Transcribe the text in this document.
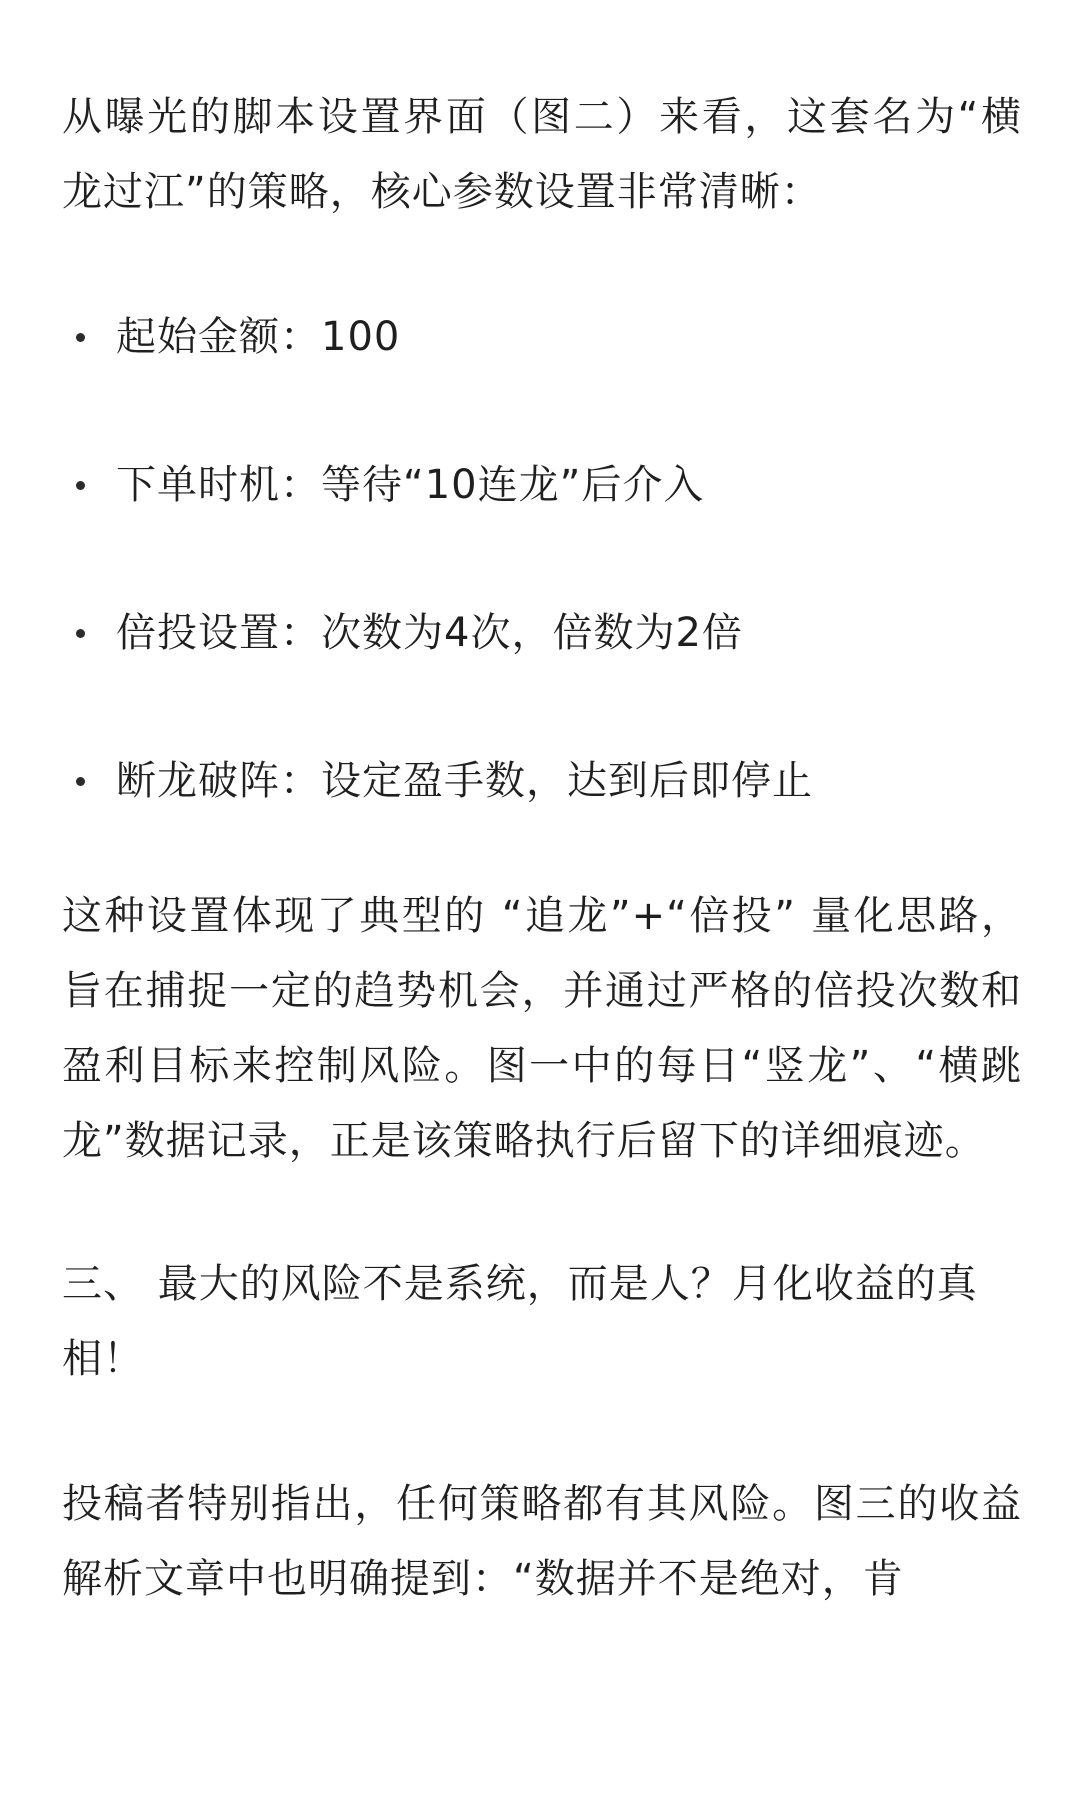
从曝光的脚本设置界面（图二）来看，这套名为“横龙过江”的策略，核心参数设置非常清晰：

起始金额：100
下单时机：等待“10连龙”后介入
倍投设置：次数为4次，倍数为2倍
断龙破阵：设定盈手数，达到后即停止

这种设置体现了典型的 “追龙”+“倍投” 量化思路，旨在捕捉一定的趋势机会，并通过严格的倍投次数和盈利目标来控制风险。图一中的每日“竖龙”、“横跳龙”数据记录，正是该策略执行后留下的详细痕迹。

三、 最大的风险不是系统，而是人？月化收益的真相！

投稿者特别指出，任何策略都有其风险。图三的收益解析文章中也明确提到：“数据并不是绝对，肯
